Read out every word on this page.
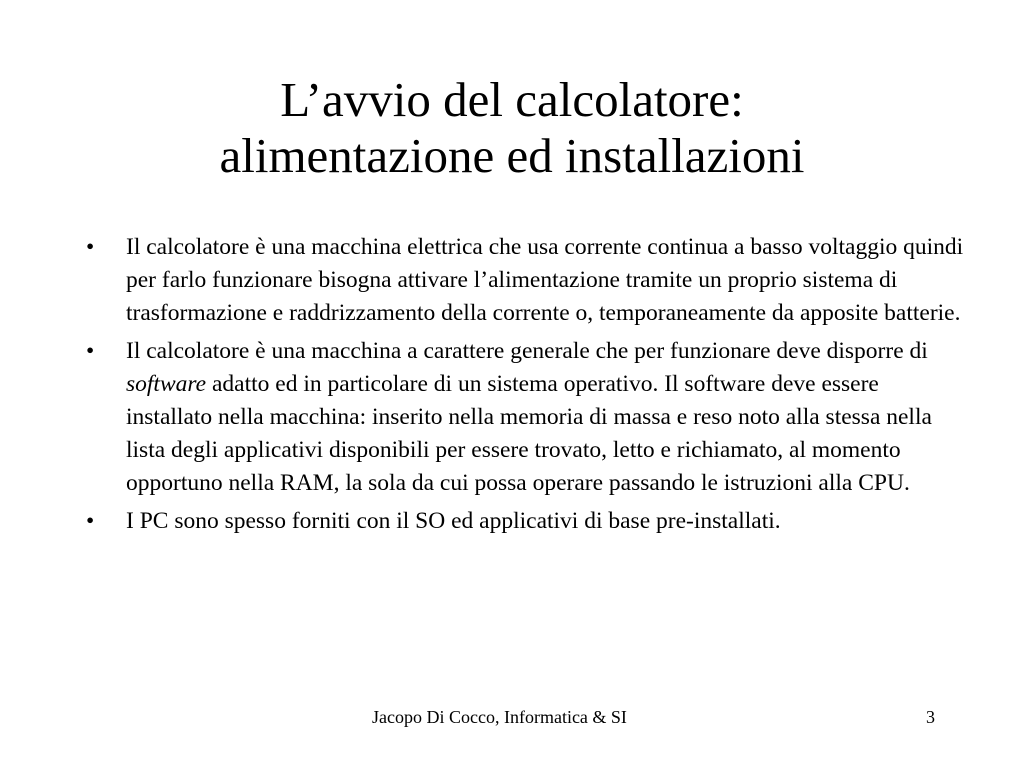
L’avvio del calcolatore:
alimentazione ed installazioni
•	Il calcolatore è una macchina elettrica che usa corrente continua a basso voltaggio quindi per farlo funzionare bisogna attivare l’alimentazione tramite un proprio sistema di trasformazione e raddrizzamento della corrente o, temporaneamente da apposite batterie.
•	Il calcolatore è una macchina a carattere generale che per funzionare deve disporre di software adatto ed in particolare di un sistema operativo. Il software deve essere installato nella macchina: inserito nella memoria di massa e reso noto alla stessa nella lista degli applicativi disponibili per essere trovato, letto e richiamato, al momento opportuno nella RAM, la sola da cui possa operare passando le istruzioni alla CPU.
•	I PC sono spesso forniti con il SO ed applicativi di base pre-installati.
Jacopo Di Cocco, Informatica & SI	3
